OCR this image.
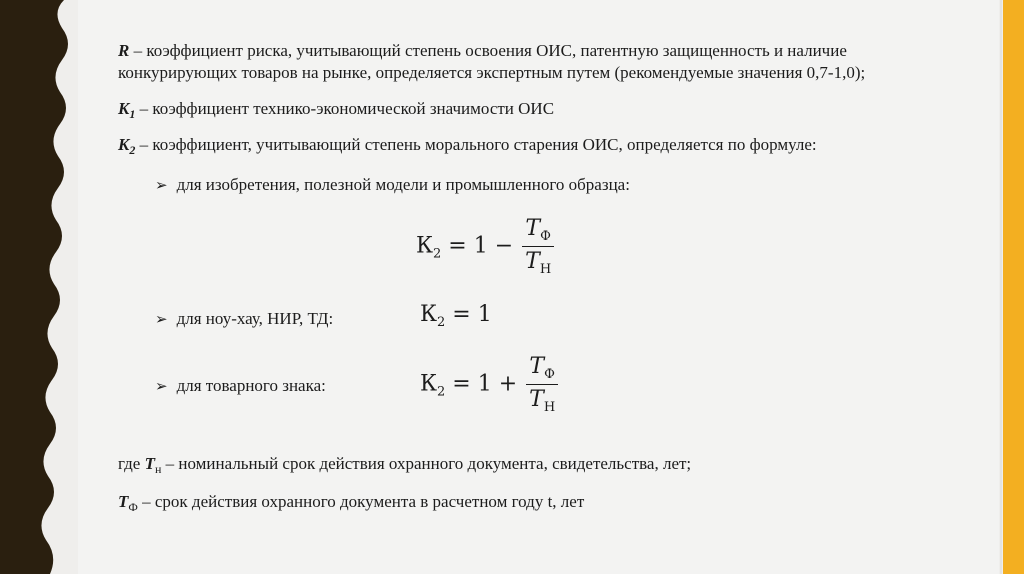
R – коэффициент риска, учитывающий степень освоения ОИС, патентную защищенность и наличие
конкурирующих товаров на рынке, определяется экспертным путем (рекомендуемые значения 0,7-1,0);
$K_1$ – коэффициент технико-экономической значимости ОИС
$K_2$ – коэффициент, учитывающий степень морального старения ОИС, определяется по формуле:
➢ для изобретения, полезной модели и промышленного образца:
$К_2 = 1 - \frac{T_Ф}{T_Н}$
➢ для ноу-хау, НИР, ТД:	$К_2 = 1$
➢ для товарного знака:	$К_2 = 1 + \frac{T_Ф}{T_Н}$
где $T_н$ – номинальный срок действия охранного документа, свидетельства, лет;
$T_Ф$ – срок действия охранного документа в расчетном году t, лет
